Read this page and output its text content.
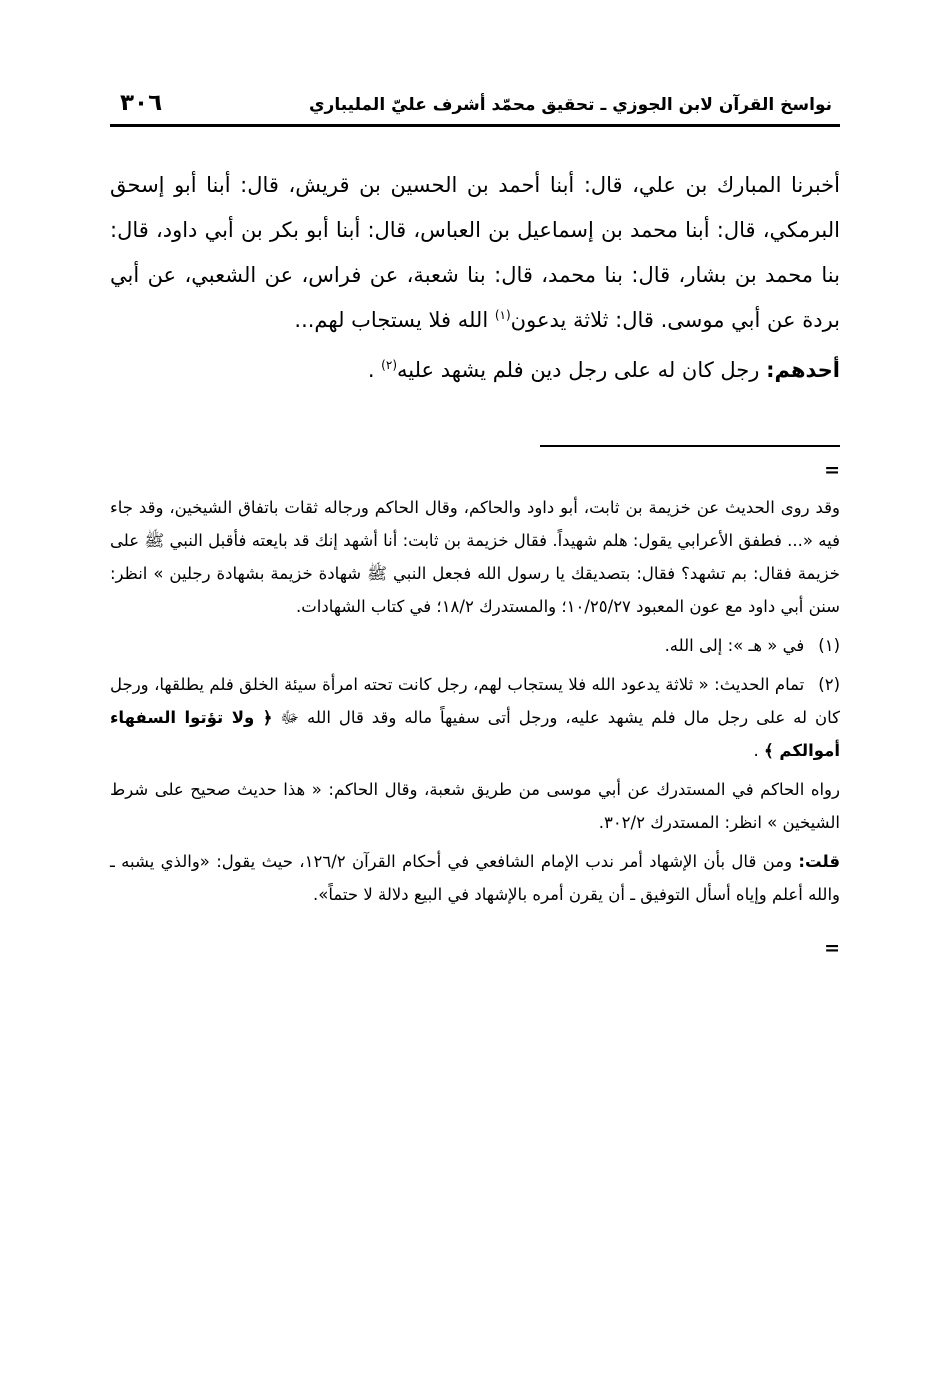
٣٠٦	نواسخ القرآن لابن الجوزي ـ تحقيق محمّد أشرف عليّ المليباري

أخبرنا المبارك بن علي، قال: أبنا أحمد بن الحسين بن قريش، قال: أبنا أبو إسحق البرمكي، قال: أبنا محمد بن إسماعيل بن العباس، قال: أبنا أبو بكر بن أبي داود، قال: بنا محمد بن بشار، قال: بنا محمد، قال: بنا شعبة، عن فراس، عن الشعبي، عن أبي بردة عن أبي موسى. قال: ثلاثة يدعون$^{(١)}$ الله فلا يستجاب لهم...

أحدهم: رجل كان له على رجل دين فلم يشهد عليه$^{(٢)}$ .

=

وقد روى الحديث عن خزيمة بن ثابت، أبو داود والحاكم، وقال الحاكم ورجاله ثقات باتفاق الشيخين، وقد جاء فيه «... فطفق الأعرابي يقول: هلم شهيداً. فقال خزيمة بن ثابت: أنا أشهد إنك قد بايعته فأقبل النبي ﷺ على خزيمة فقال: بم تشهد؟ فقال: بتصديقك يا رسول الله فجعل النبي ﷺ شهادة خزيمة بشهادة رجلين » انظر: سنن أبي داود مع عون المعبود ١٠/٢٥/٢٧؛ والمستدرك ١٨/٢؛ في كتاب الشهادات.

(١)في « هـ »: إلى الله.

(٢)تمام الحديث: « ثلاثة يدعود الله فلا يستجاب لهم، رجل كانت تحته امرأة سيئة الخلق فلم يطلقها، ورجل كان له على رجل مال فلم يشهد عليه، ورجل أتى سفيهاً ماله وقد قال الله ﷻ ﴿ ولا تؤتوا السفهاء أموالكم ﴾ .

رواه الحاكم في المستدرك عن أبي موسى من طريق شعبة، وقال الحاكم: « هذا حديث صحيح على شرط الشيخين » انظر: المستدرك ٣٠٢/٢.

قلت: ومن قال بأن الإشهاد أمر ندب الإمام الشافعي في أحكام القرآن ١٢٦/٢، حيث يقول: «والذي يشبه ـ والله أعلم وإياه أسأل التوفيق ـ أن يقرن أمره بالإشهاد في البيع دلالة لا حتماً».

=
